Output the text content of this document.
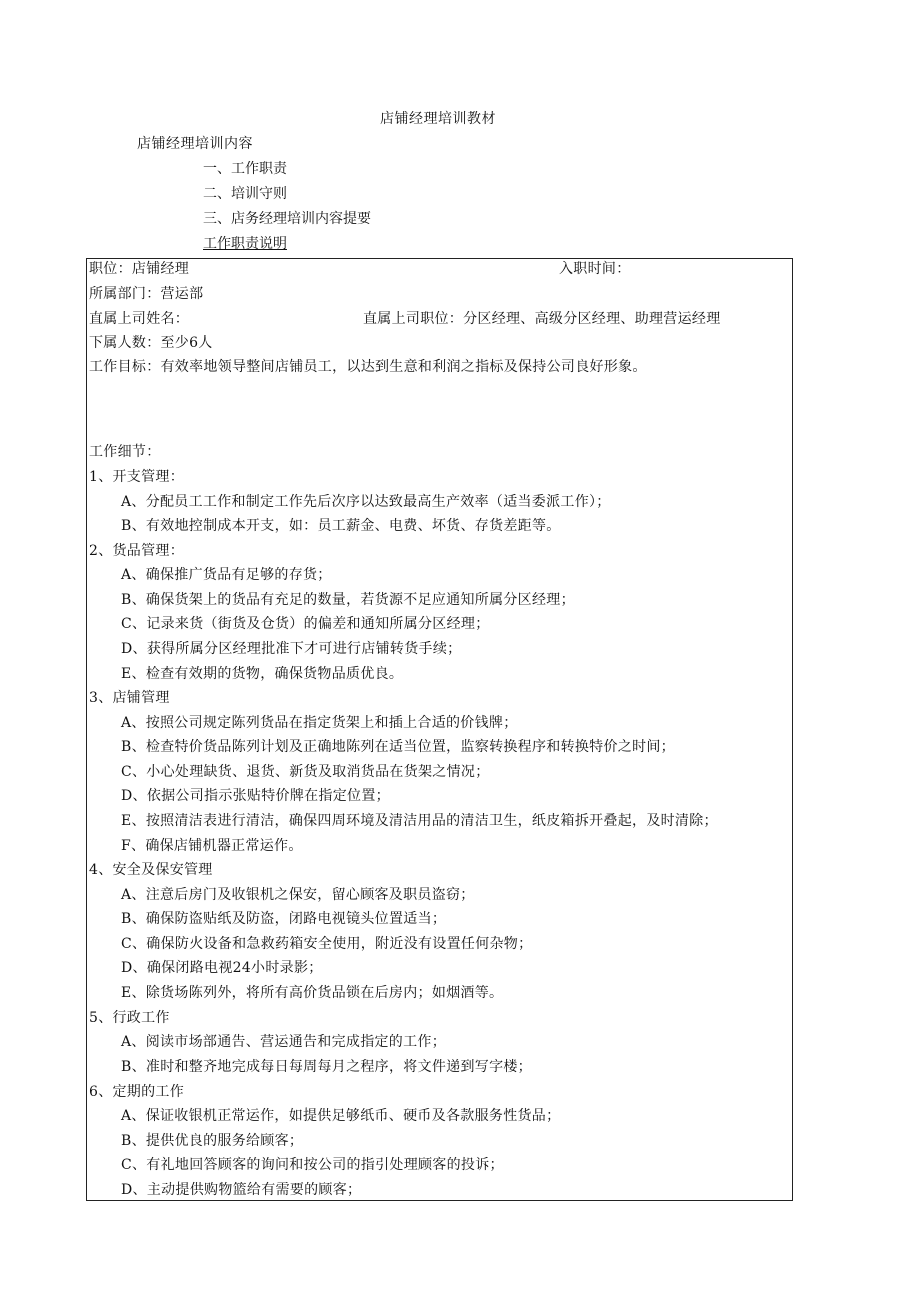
店铺经理培训教材
店铺经理培训内容
一、工作职责
二、培训守则
三、店务经理培训内容提要
工作职责说明
职位：店铺经理	入职时间：
所属部门：营运部
直属上司姓名：	直属上司职位：分区经理、高级分区经理、助理营运经理
下属人数：至少6人
工作目标：有效率地领导整间店铺员工，以达到生意和利润之指标及保持公司良好形象。
工作细节：
1、开支管理：
A、分配员工工作和制定工作先后次序以达致最高生产效率（适当委派工作）；
B、有效地控制成本开支，如：员工薪金、电费、坏货、存货差距等。
2、货品管理：
A、确保推广货品有足够的存货；
B、确保货架上的货品有充足的数量，若货源不足应通知所属分区经理；
C、记录来货（街货及仓货）的偏差和通知所属分区经理；
D、获得所属分区经理批准下才可进行店铺转货手续；
E、检查有效期的货物，确保货物品质优良。
3、店铺管理
A、按照公司规定陈列货品在指定货架上和插上合适的价钱牌；
B、检查特价货品陈列计划及正确地陈列在适当位置，监察转换程序和转换特价之时间；
C、小心处理缺货、退货、新货及取消货品在货架之情况；
D、依据公司指示张贴特价牌在指定位置；
E、按照清洁表进行清洁，确保四周环境及清洁用品的清洁卫生，纸皮箱拆开叠起，及时清除；
F、确保店铺机器正常运作。
4、安全及保安管理
A、注意后房门及收银机之保安，留心顾客及职员盗窃；
B、确保防盗贴纸及防盗，闭路电视镜头位置适当；
C、确保防火设备和急救药箱安全使用，附近没有设置任何杂物；
D、确保闭路电视24小时录影；
E、除货场陈列外，将所有高价货品锁在后房内；如烟酒等。
5、行政工作
A、阅读市场部通告、营运通告和完成指定的工作；
B、准时和整齐地完成每日每周每月之程序，将文件递到写字楼；
6、定期的工作
A、保证收银机正常运作，如提供足够纸币、硬币及各款服务性货品；
B、提供优良的服务给顾客；
C、有礼地回答顾客的询问和按公司的指引处理顾客的投诉；
D、主动提供购物篮给有需要的顾客；
